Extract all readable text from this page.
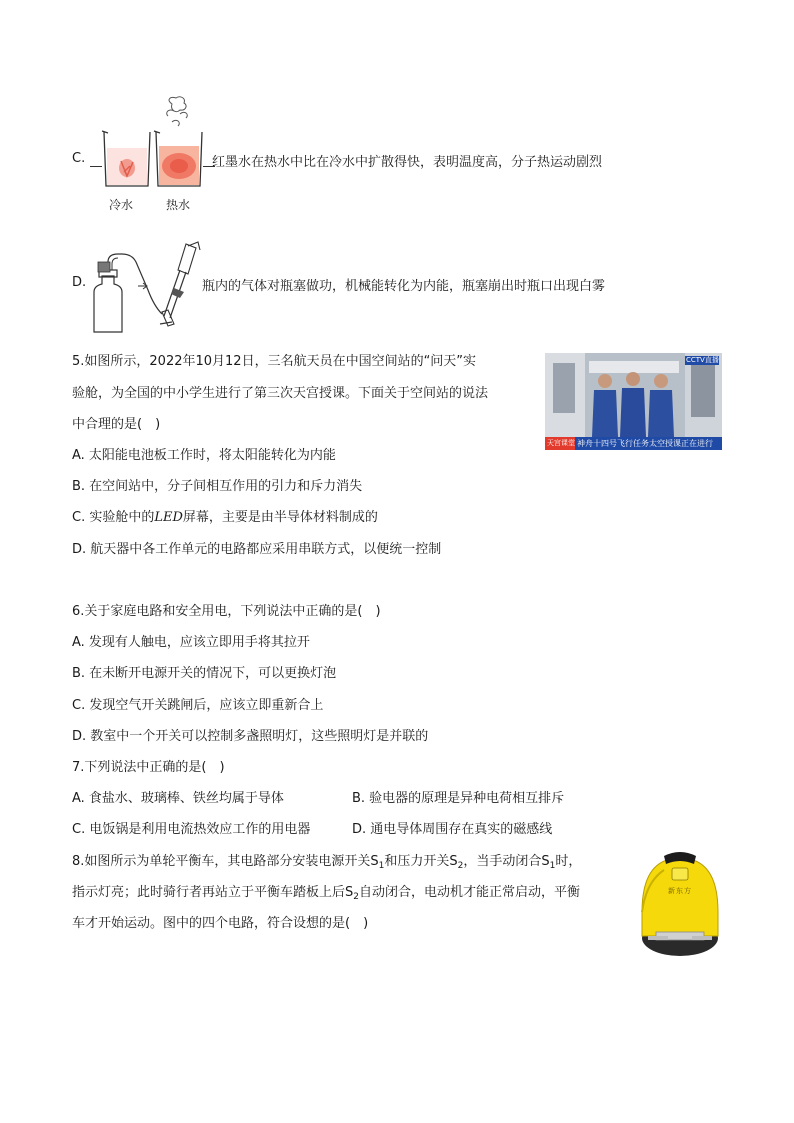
C.	红墨水在热水中比在冷水中扩散得快，表明温度高，分子热运动剧烈
冷水	热水
D.	瓶内的气体对瓶塞做功，机械能转化为内能，瓶塞崩出时瓶口出现白雾
5.如图所示，2022年10月12日，三名航天员在中国空间站的“问天”实
验舱，为全国的中小学生进行了第三次天宫授课。下面关于空间站的说法
中合理的是(　)
A. 太阳能电池板工作时，将太阳能转化为内能
B. 在空间站中，分子间相互作用的引力和斥力消失
C. 实验舱中的LED屏幕，主要是由半导体材料制成的
D. 航天器中各工作单元的电路都应采用串联方式，以便统一控制
CCTV直播
天宫课堂 神舟十四号飞行任务太空授课正在进行
6.关于家庭电路和安全用电，下列说法中正确的是(　)
A. 发现有人触电，应该立即用手将其拉开
B. 在未断开电源开关的情况下，可以更换灯泡
C. 发现空气开关跳闸后，应该立即重新合上
D. 教室中一个开关可以控制多盏照明灯，这些照明灯是并联的
7.下列说法中正确的是(　)
A. 食盐水、玻璃棒、铁丝均属于导体	B. 验电器的原理是异种电荷相互排斥
C. 电饭锅是利用电流热效应工作的用电器	D. 通电导体周围存在真实的磁感线
8.如图所示为单轮平衡车，其电路部分安装电源开关$S_1$和压力开关$S_2$，当手动闭合$S_1$时，
指示灯亮；此时骑行者再站立于平衡车踏板上后$S_2$自动闭合，电动机才能正常启动，平衡
车才开始运动。图中的四个电路，符合设想的是(　)
新东方
